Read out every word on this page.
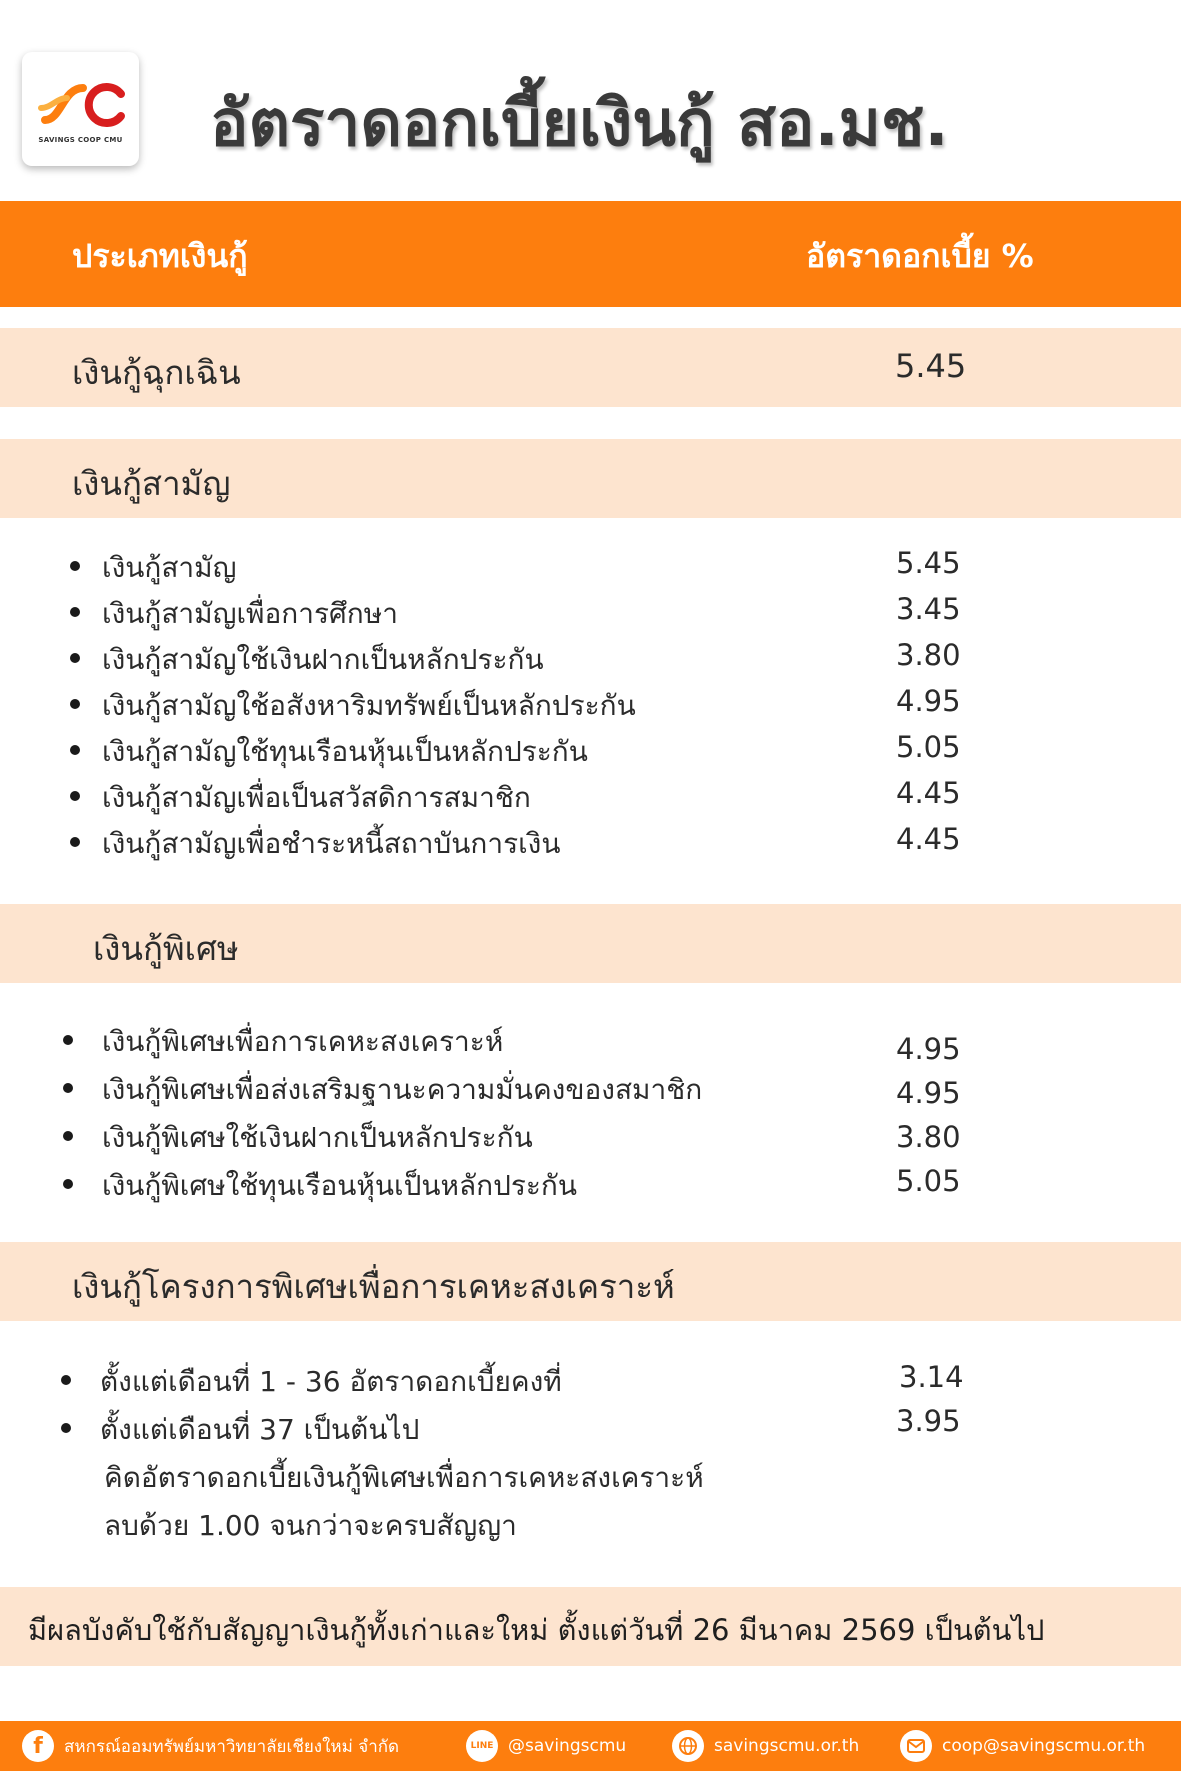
SAVINGS COOP CMU อัตราดอกเบี้ยเงินกู้ สอ.มช.
ประเภทเงินกู้	อัตราดอกเบี้ย %
เงินกู้ฉุกเฉิน	5.45
เงินกู้สามัญ
เงินกู้สามัญ	5.45
เงินกู้สามัญเพื่อการศึกษา	3.45
เงินกู้สามัญใช้เงินฝากเป็นหลักประกัน	3.80
เงินกู้สามัญใช้อสังหาริมทรัพย์เป็นหลักประกัน	4.95
เงินกู้สามัญใช้ทุนเรือนหุ้นเป็นหลักประกัน	5.05
เงินกู้สามัญเพื่อเป็นสวัสดิการสมาชิก	4.45
เงินกู้สามัญเพื่อชำระหนี้สถาบันการเงิน	4.45
เงินกู้พิเศษ
เงินกู้พิเศษเพื่อการเคหะสงเคราะห์	4.95
เงินกู้พิเศษเพื่อส่งเสริมฐานะความมั่นคงของสมาชิก	4.95
เงินกู้พิเศษใช้เงินฝากเป็นหลักประกัน	3.80
เงินกู้พิเศษใช้ทุนเรือนหุ้นเป็นหลักประกัน	5.05
เงินกู้โครงการพิเศษเพื่อการเคหะสงเคราะห์
ตั้งแต่เดือนที่ 1 - 36 อัตราดอกเบี้ยคงที่	3.14
ตั้งแต่เดือนที่ 37 เป็นต้นไป	3.95
คิดอัตราดอกเบี้ยเงินกู้พิเศษเพื่อการเคหะสงเคราะห์
ลบด้วย 1.00 จนกว่าจะครบสัญญา
มีผลบังคับใช้กับสัญญาเงินกู้ทั้งเก่าและใหม่ ตั้งแต่วันที่ 26 มีนาคม 2569 เป็นต้นไป
f	สหกรณ์ออมทรัพย์มหาวิทยาลัยเชียงใหม่ จำกัด	LINE @savingscmu	savingscmu.or.th	coop@savingscmu.or.th
